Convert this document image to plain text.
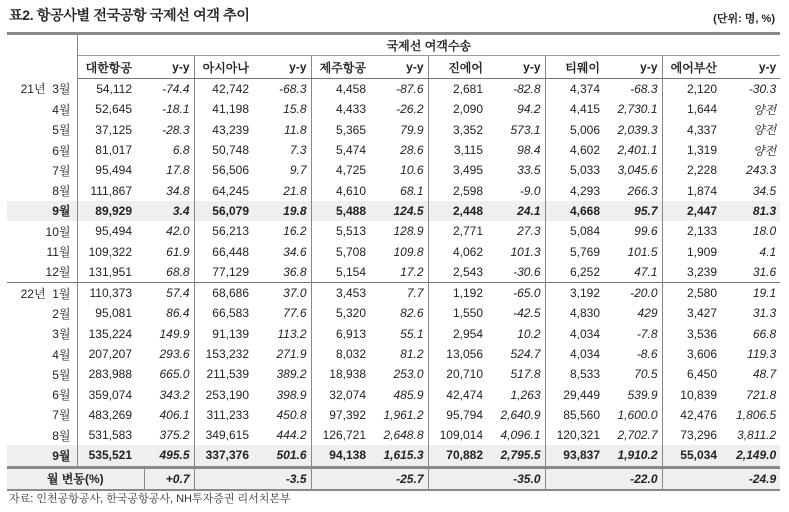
표2. 항공사별 전국공항 국제선 여객 추이	(단위: 명, %)
	국제선 여객수송											
	대한항공	y-y	아시아나	y-y	제주항공	y-y	진에어	y-y	티웨이	y-y	에어부산	y-y
21년  3월	54,112	-74.4	42,742	-68.3	4,458	-87.6	2,681	-82.8	4,374	-68.3	2,120	-30.3
4월	52,645	-18.1	41,198	15.8	4,433	-26.2	2,090	94.2	4,415	2,730.1	1,644	양전
5월	37,125	-28.3	43,239	11.8	5,365	79.9	3,352	573.1	5,006	2,039.3	4,337	양전
6월	81,017	6.8	50,748	7.3	5,474	28.6	3,115	98.4	4,602	2,401.1	1,319	양전
7월	95,494	17.8	56,506	9.7	4,725	10.6	3,495	33.5	5,033	3,045.6	2,228	243.3
8월	111,867	34.8	64,245	21.8	4,610	68.1	2,598	-9.0	4,293	266.3	1,874	34.5
9월	89,929	3.4	56,079	19.8	5,488	124.5	2,448	24.1	4,668	95.7	2,447	81.3
10월	95,494	42.0	56,213	16.2	5,513	128.9	2,771	27.3	5,084	99.6	2,133	18.0
11월	109,322	61.9	66,448	34.6	5,708	109.8	4,062	101.3	5,769	101.5	1,909	4.1
12월	131,951	68.8	77,129	36.8	5,154	17.2	2,543	-30.6	6,252	47.1	3,239	31.6
22년  1월	110,373	57.4	68,686	37.0	3,453	7.7	1,192	-65.0	3,192	-20.0	2,580	19.1
2월	95,081	86.4	66,583	77.6	5,320	82.6	1,550	-42.5	4,830	429	3,427	31.3
3월	135,224	149.9	91,139	113.2	6,913	55.1	2,954	10.2	4,034	-7.8	3,536	66.8
4월	207,207	293.6	153,232	271.9	8,032	81.2	13,056	524.7	4,034	-8.6	3,606	119.3
5월	283,988	665.0	211,539	389.2	18,938	253.0	20,710	517.8	8,533	70.5	6,450	48.7
6월	359,074	343.2	253,190	398.9	32,074	485.9	42,474	1,263	29,449	539.9	10,839	721.8
7월	483,269	406.1	311,233	450.8	97,392	1,961.2	95,794	2,640.9	85,560	1,600.0	42,476	1,806.5
8월	531,583	375.2	349,615	444.2	126,721	2,648.8	109,014	4,096.1	120,321	2,702.7	73,296	3,811.2
9월	535,521	495.5	337,376	501.6	94,138	1,615.3	70,882	2,795.5	93,837	1,910.2	55,034	2,149.0
월 변동(%)		+0.7		-3.5		-25.7		-35.0		-22.0		-24.9
자료: 인천공항공사, 한국공항공사, NH투자증권 리서치본부
